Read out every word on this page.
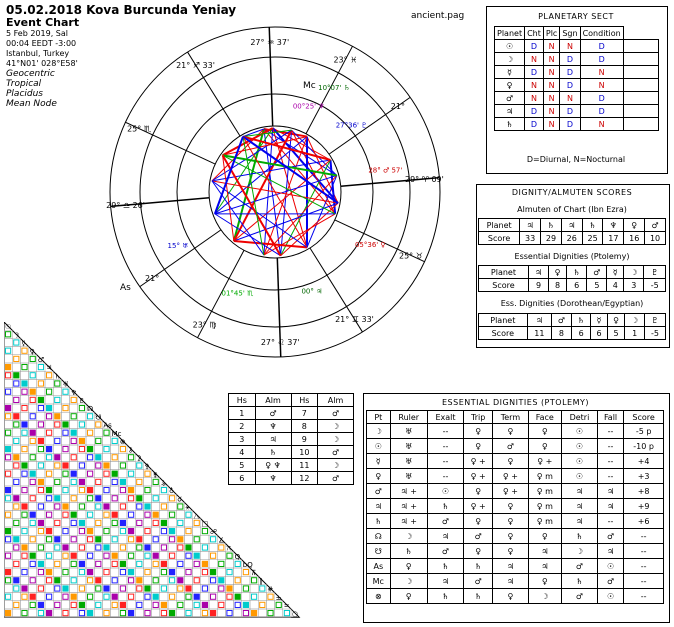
05.02.2018 Kova Burcunda Yeniay
Event Chart
5 Feb 2019, Sal
00:04 EEDT -3:00
Istanbul, Turkey
41°N01' 028°E58'
Geocentric
Tropical
Placidus
Mean Node
ancient.pag
27° ♒ 37'
23° ♓
21°
29° ♈ 09'
25° ♉
21° ♊ 33'
27° ♌ 37'
23° ♍
21°
29° ♎ 26'
25° ♏
21° ♐ 33'
10°07' ♄
00°25' ♆
27°36' ♇
05°36' ♀
28° ♂ 57'
00° ♃
01°45' ♏
15° ♅
As
Mc
PLANETARY SECT
Planet	Cht	Plc	Sgn	Condition	
☉	D	N	N	D	
☽	N	N	D	D	
☿	D	N	D	N	
♀	N	N	D	N	
♂	N	N	N	D	
♃	D	N	D	D	
♄	D	N	D	N	
D=Diurnal, N=Nocturnal
DIGNITY/ALMUTEN SCORES
Almuten of Chart (Ibn Ezra)
Planet	♃	♄	♃	♄	♆	♀	♂
Score	33	29	26	25	17	16	10
Essential Dignities (Ptolemy)
Planet	♃	♀	♄	♂	☿	☽	♇
Score	9	8	6	5	4	3	-5
Ess. Dignities (Dorothean/Egyptian)
Planet	♃	♂	♄	☿	♀	☽	♇
Score	11	8	6	6	5	1	-5
Hs	Alm	Hs	Alm
1	♂	7	♂
2	♆	8	☽
3	♃	9	☽
4	♄	10	♂
5	♀ ♆	11	☽
6	♆	12	♂
ESSENTIAL DIGNITIES (PTOLEMY)
Pt	Ruler	Exalt	Trip	Term	Face	Detri	Fall	Score
☽	♅	--	♀	♀	♀	☉	--	-5 p
☉	♅	--	♀	♂	♀	☉	--	-10 p
☿	♅	--	♀ +	♀	♀ +	☉	--	+4
♀	♅	--	♀ +	♀ +	♀ m	☉	--	+3
♂	♃ +	☉	♀	♀ +	♀ m	♃	♃	+8
♃	♃ +	♄	♀ +	♀	♀ m	♃	♃	+9
♄	♃ +	♂	♀	♀	♀ m	♃	--	+6
☊	☽	♃	♂	♀	♀	♄	♂	--
☋	♄	♂	♀	♀	♃	☽	♃	--
As	♀	♄	♄	♃	♃	♂	☉	--
Mc	☽	♃	♂	♃	♀	♄	♂	--
⊗	♀	♄	♄	♀	☽	♂	☉	--
☉
☽
☿
♀
♂
♃
♄
♅
♆
♇
☊
☋
As
Mc
⊗
⚷
⚳
⚴
⚵
⚶
♁
☌
⚹
△
□
☍
∠
⚻
Q
bQ
⊼
∥
#
±
=
○
